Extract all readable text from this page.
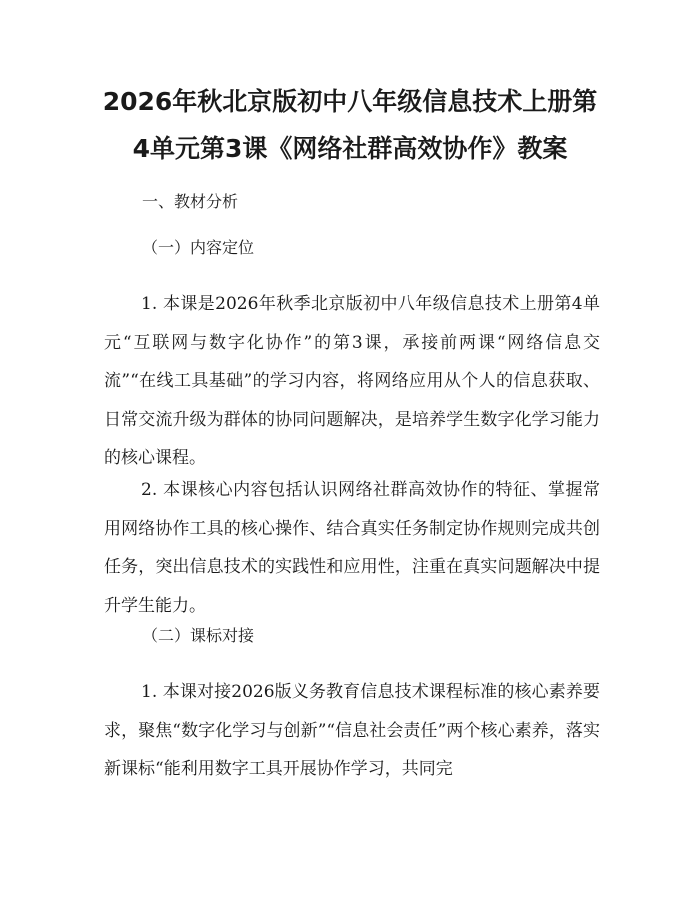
2026年秋北京版初中八年级信息技术上册第
4单元第3课《网络社群高效协作》教案

一、教材分析

（一）内容定位

1. 本课是2026年秋季北京版初中八年级信息技术上册第4单元“互联网与数字化协作”的第3课，承接前两课“网络信息交流”“在线工具基础”的学习内容，将网络应用从个人的信息获取、日常交流升级为群体的协同问题解决，是培养学生数字化学习能力的核心课程。

2. 本课核心内容包括认识网络社群高效协作的特征、掌握常用网络协作工具的核心操作、结合真实任务制定协作规则完成共创任务，突出信息技术的实践性和应用性，注重在真实问题解决中提升学生能力。

（二）课标对接

1. 本课对接2026版义务教育信息技术课程标准的核心素养要求，聚焦“数字化学习与创新”“信息社会责任”两个核心素养，落实新课标“能利用数字工具开展协作学习，共同完
